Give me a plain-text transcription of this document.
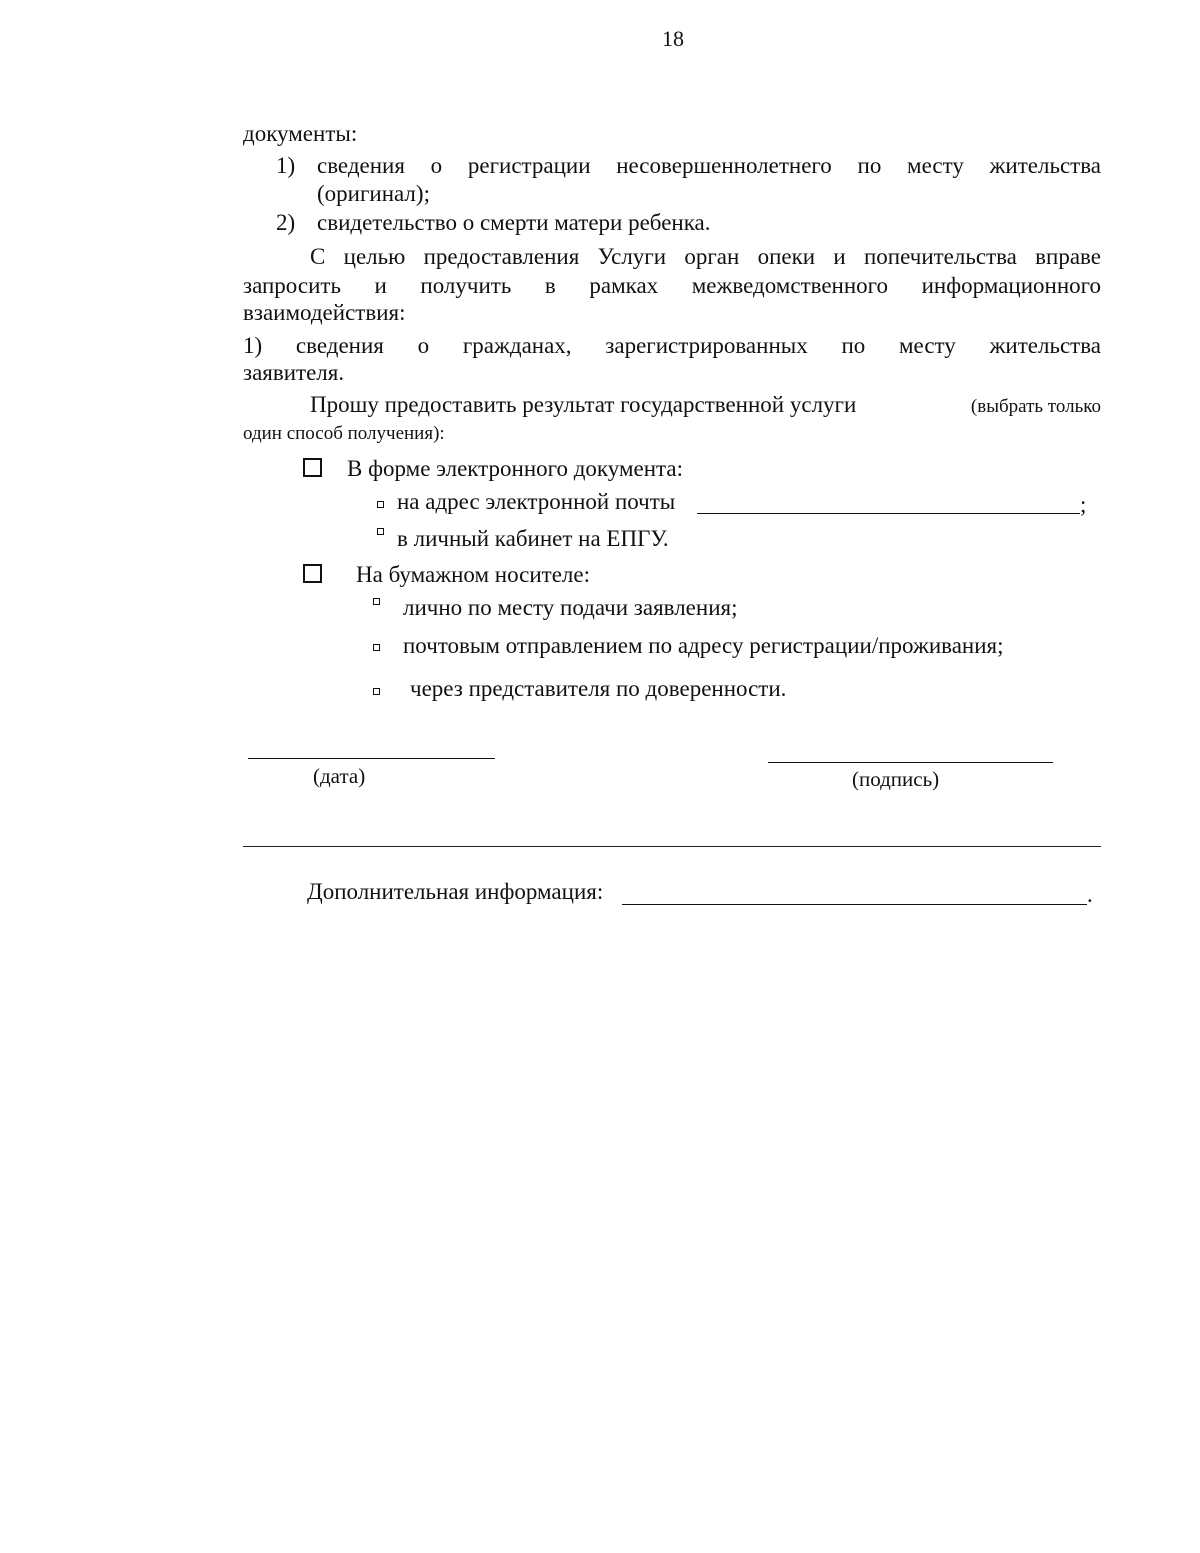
18
документы:
1) сведения о регистрации несовершеннолетнего по месту жительства
(оригинал);
2) свидетельство о смерти матери ребенка.
С целью предоставления Услуги орган опеки и попечительства вправе
запросить и получить в рамках межведомственного информационного
взаимодействия:
1) сведения о гражданах, зарегистрированных по месту жительства
заявителя.
Прошу предоставить результат государственной услуги	(выбрать только
один способ получения):
В форме электронного документа:
на адрес электронной почты	;
в личный кабинет на ЕПГУ.
На бумажном носителе:
лично по месту подачи заявления;
почтовым отправлением по адресу регистрации/проживания;
через представителя по доверенности.
(дата)	(подпись)
Дополнительная информация:	.
